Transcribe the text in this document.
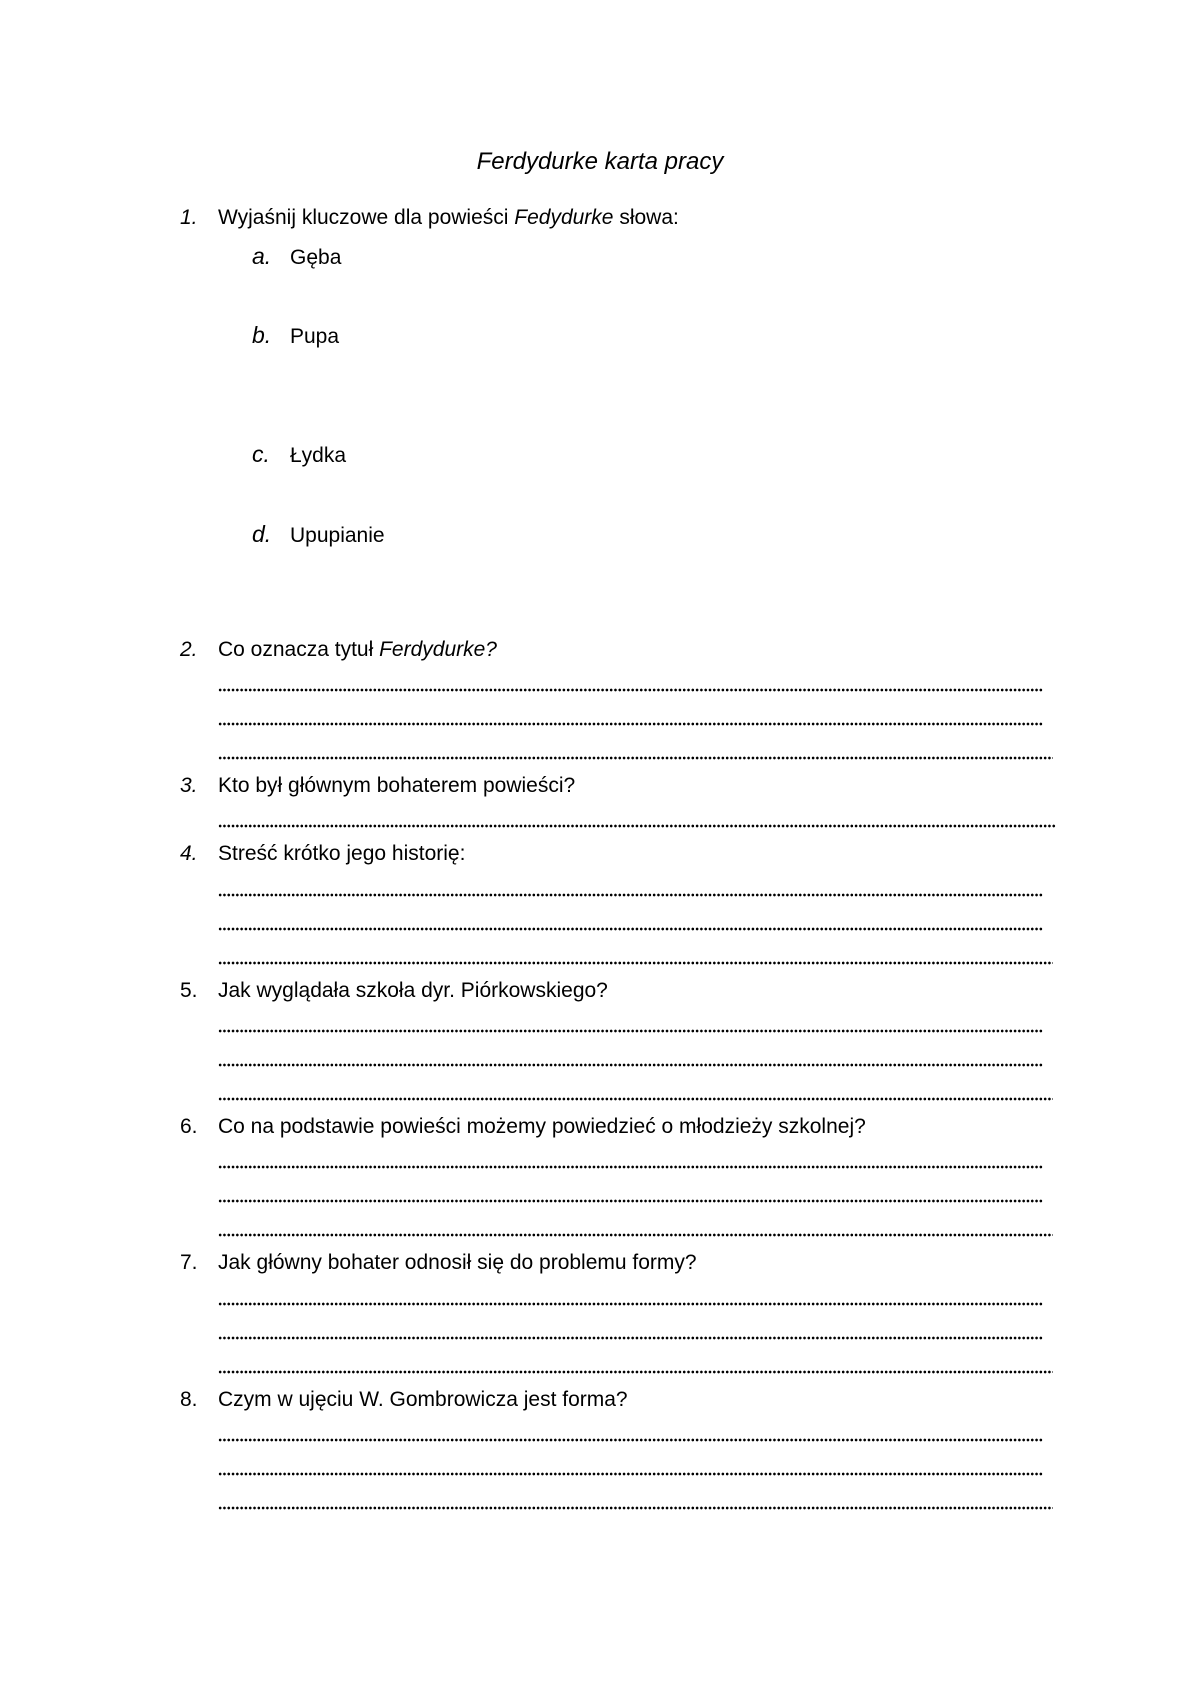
Ferdydurke karta pracy
1. Wyjaśnij kluczowe dla powieści Fedydurke słowa:
a. Gęba
b. Pupa
c. Łydka
d. Upupianie
2. Co oznacza tytuł Ferdydurke?
3. Kto był głównym bohaterem powieści?
4. Streść krótko jego historię:
5. Jak wyglądała szkoła dyr. Piórkowskiego?
6. Co na podstawie powieści możemy powiedzieć o młodzieży szkolnej?
7. Jak główny bohater odnosił się do problemu formy?
8. Czym w ujęciu W. Gombrowicza jest forma?
